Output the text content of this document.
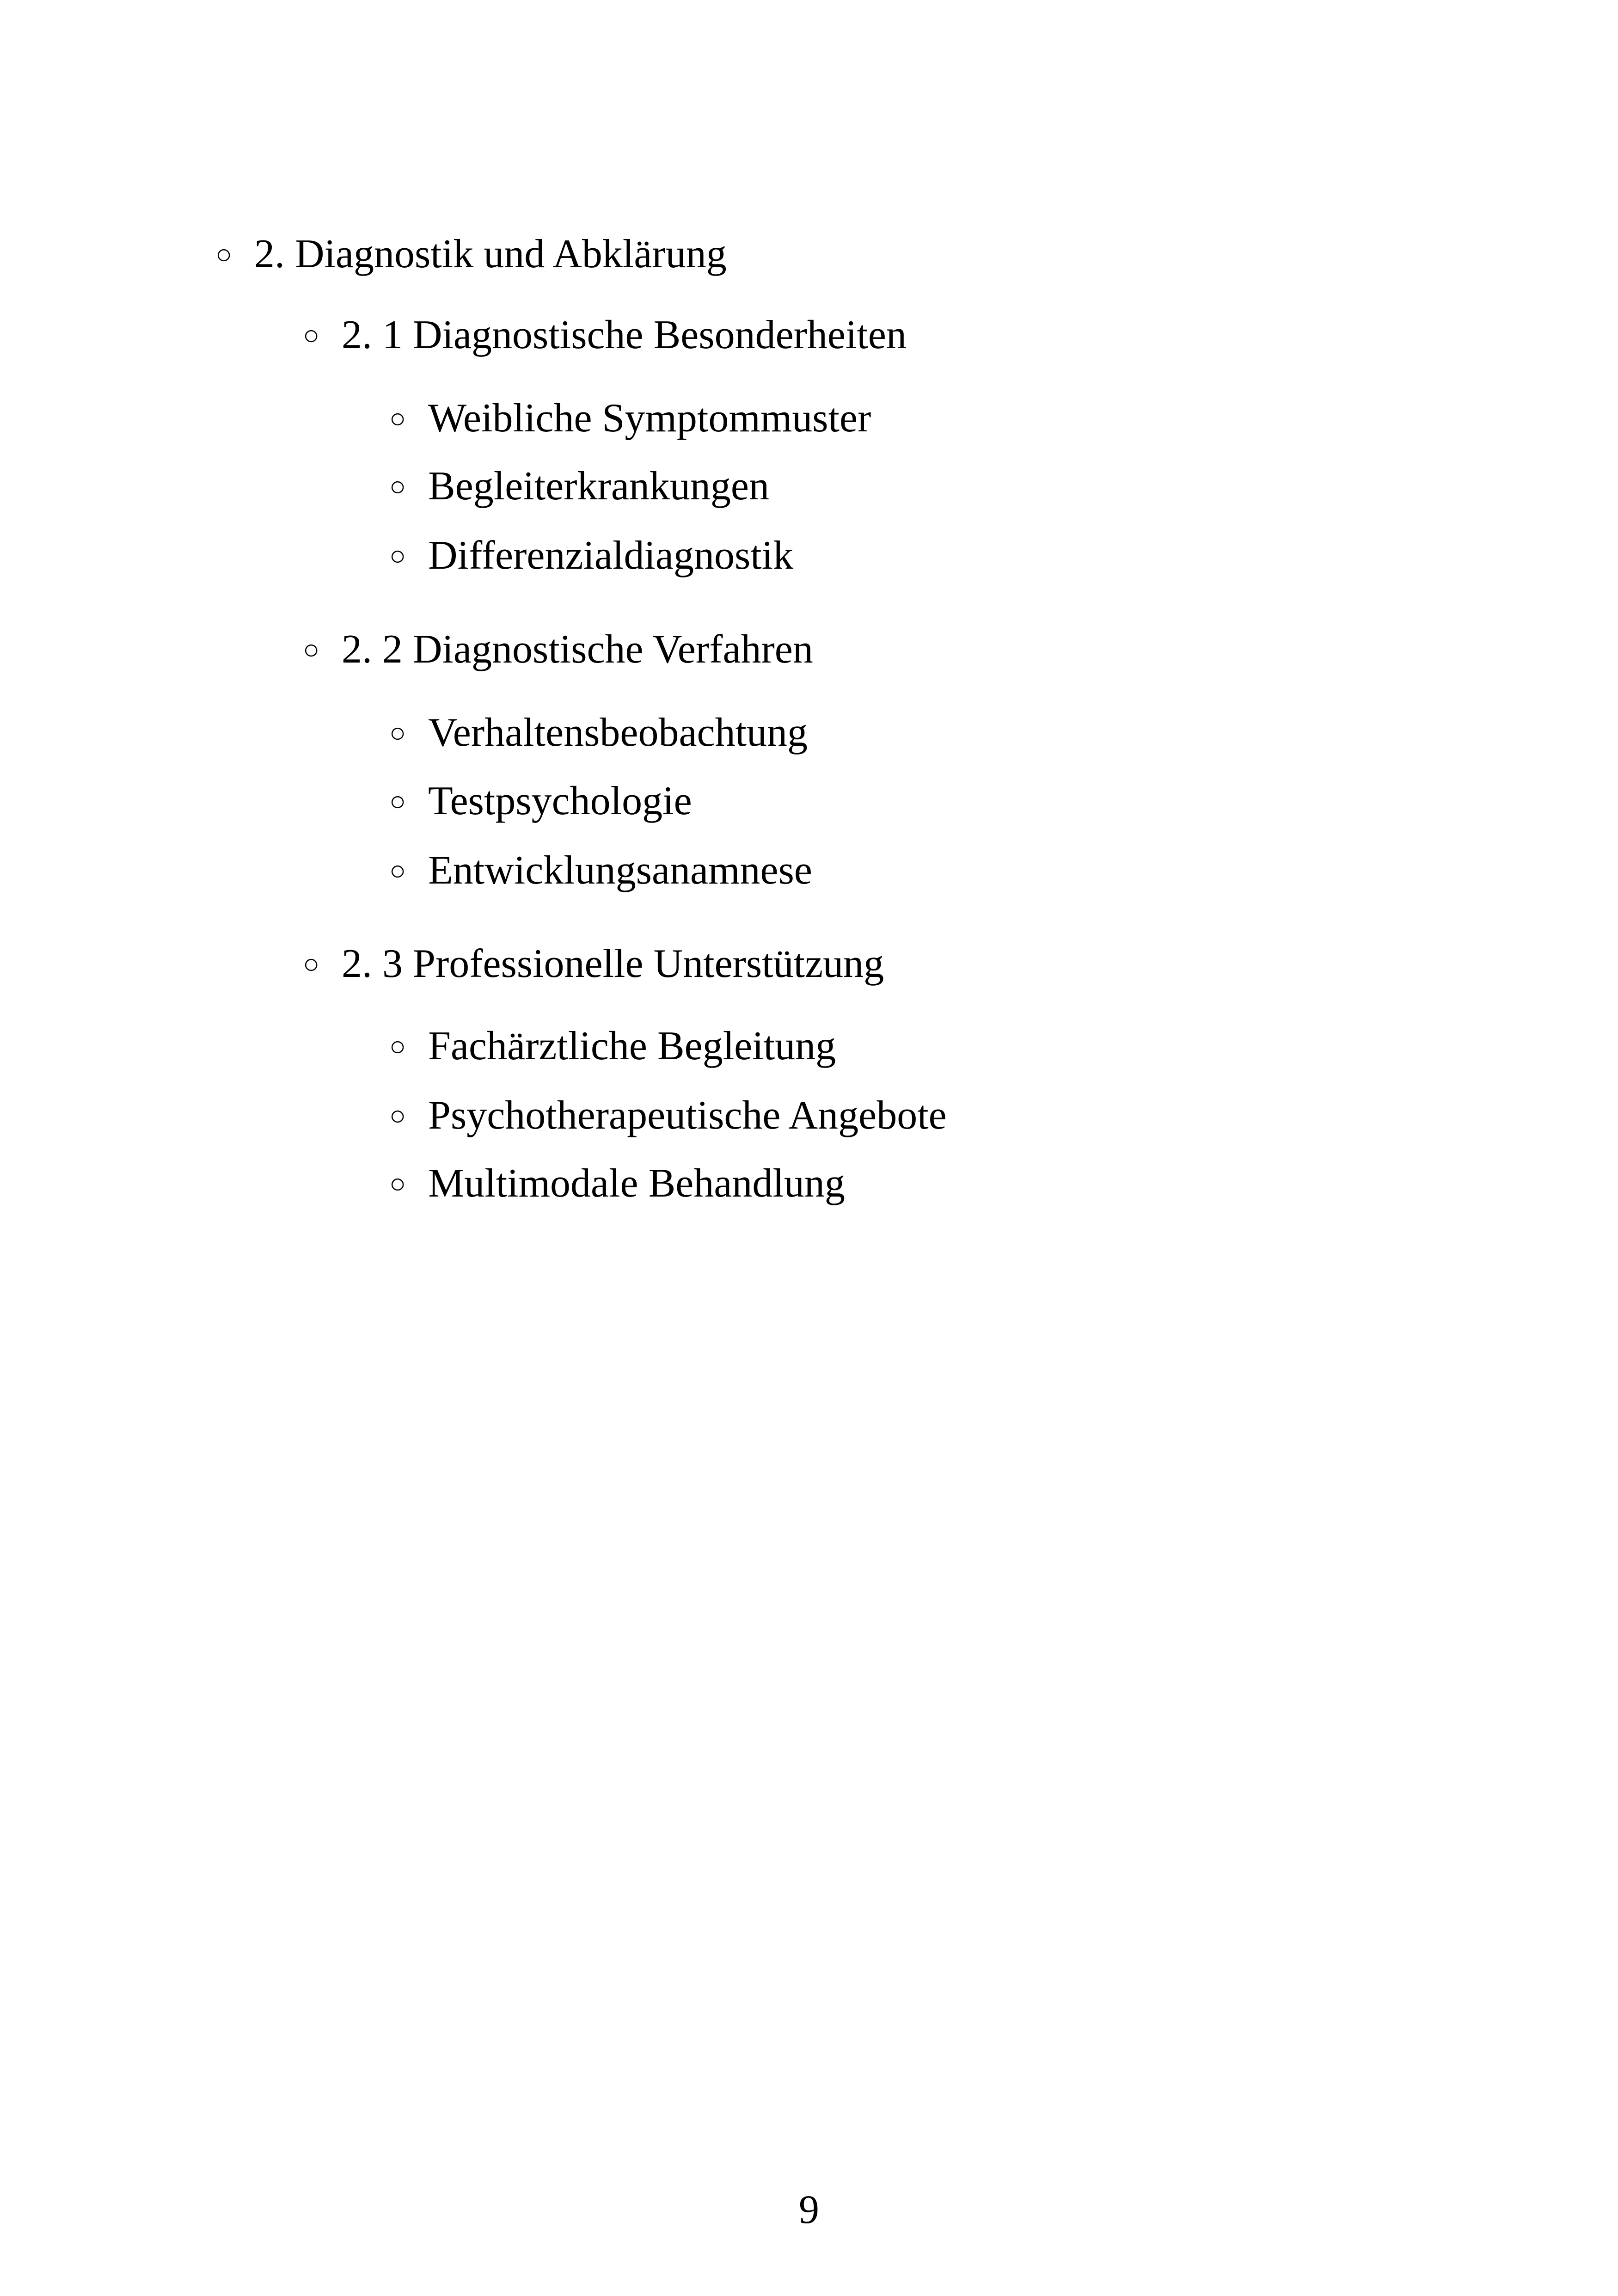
○ 2. Diagnostik und Abklärung
○ 2. 1 Diagnostische Besonderheiten
○ Weibliche Symptommuster
○ Begleiterkrankungen
○ Differenzialdiagnostik
○ 2. 2 Diagnostische Verfahren
○ Verhaltensbeobachtung
○ Testpsychologie
○ Entwicklungsanamnese
○ 2. 3 Professionelle Unterstützung
○ Fachärztliche Begleitung
○ Psychotherapeutische Angebote
○ Multimodale Behandlung
9
